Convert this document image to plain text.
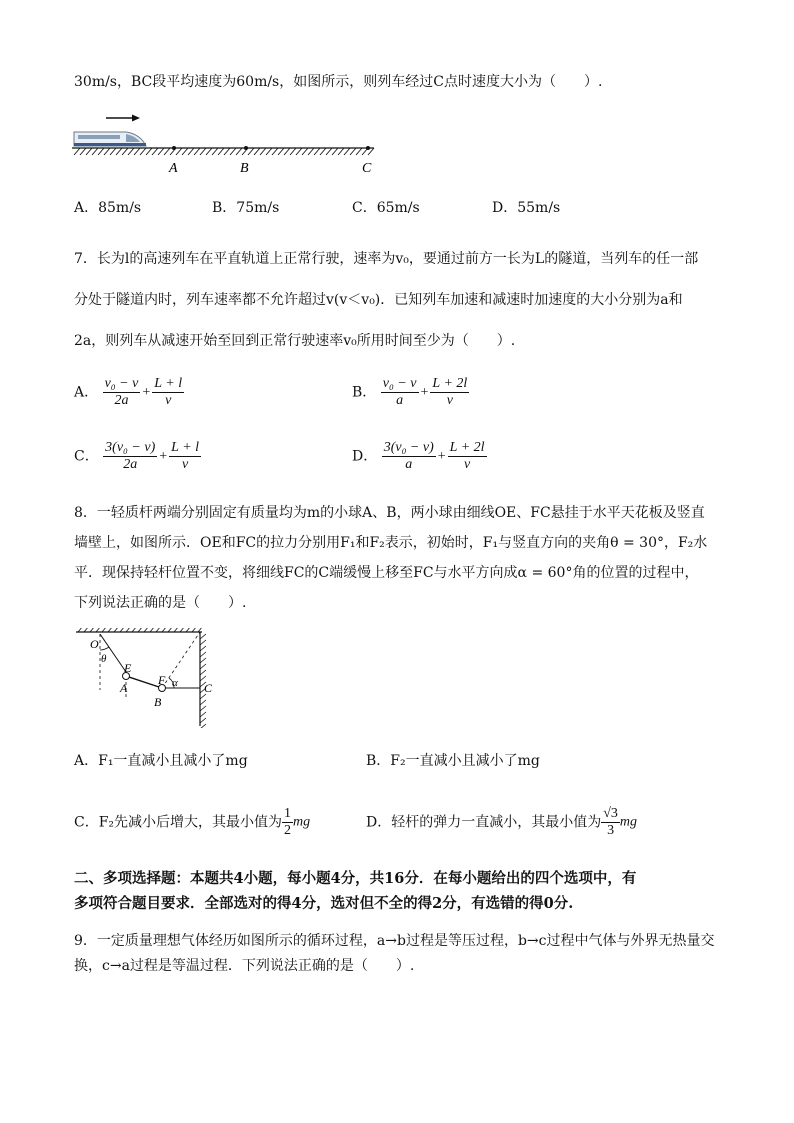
30m/s，BC段平均速度为60m/s，如图所示，则列车经过C点时速度大小为（　　）.
A	B	C
A．85m/s	B．75m/s	C．65m/s	D．55m/s
7．长为l的高速列车在平直轨道上正常行驶，速率为v₀，要通过前方一长为L的隧道，当列车的任一部
分处于隧道内时，列车速率都不允许超过v(v＜v₀)．已知列车加速和减速时加速度的大小分别为a和
2a，则列车从减速开始至回到正常行驶速率v₀所用时间至少为（　　）.
A． $\frac{\text{v₀ − v}}{2a} + \frac{L + l}{v}$	B． $\frac{\text{v₀ − v}}{a} + \frac{L + 2l}{v}$
C． $\frac{\text{3(v₀ − v)}}{2a} + \frac{L + l}{v}$	D． $\frac{\text{3(v₀ − v)}}{a} + \frac{L + 2l}{v}$
8．一轻质杆两端分别固定有质量均为m的小球A、B，两小球由细线OE、FC悬挂于水平天花板及竖直
墙壁上，如图所示．OE和FC的拉力分别用F₁和F₂表示，初始时，F₁与竖直方向的夹角θ = 30°，F₂水
平．现保持轻杆位置不变，将细线FC的C端缓慢上移至FC与水平方向成α = 60°角的位置的过程中，
下列说法正确的是（　　）.
O
θ
E
A
F α
B
C
A．F₁一直减小且减小了mg	B．F₂一直减小且减小了mg
C．F₂先减小后增大，其最小值为 $\frac{1}{2}$ mg	D．轻杆的弹力一直减小，其最小值为 $\frac{√3}{3}$ mg
二、多项选择题：本题共4小题，每小题4分，共16分．在每小题给出的四个选项中，有
多项符合题目要求．全部选对的得4分，选对但不全的得2分，有选错的得0分.
9．一定质量理想气体经历如图所示的循环过程，a→b过程是等压过程，b→c过程中气体与外界无热量交
换，c→a过程是等温过程．下列说法正确的是（　　）.
